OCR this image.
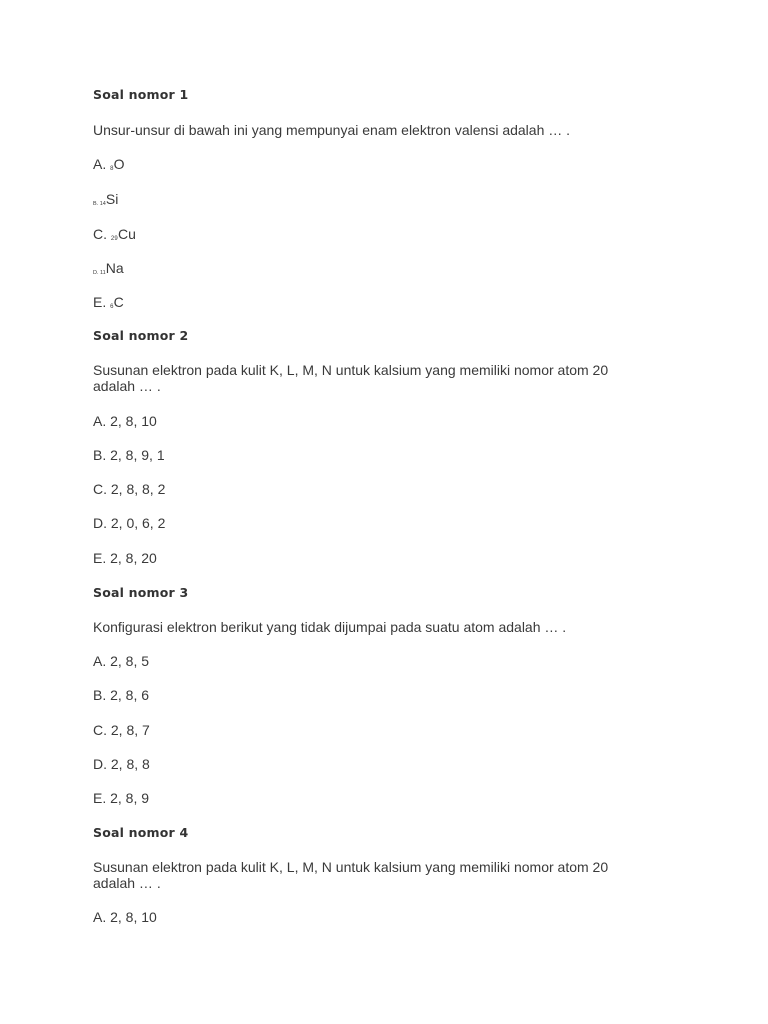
Soal nomor 1
Unsur-unsur di bawah ini yang mempunyai enam elektron valensi adalah … .
A. 8O
B. 14Si
C. 29Cu
D. 11Na
E. 6C
Soal nomor 2
Susunan elektron pada kulit K, L, M, N untuk kalsium yang memiliki nomor atom 20 adalah … .
A. 2, 8, 10
B. 2, 8, 9, 1
C. 2, 8, 8, 2
D. 2, 0, 6, 2
E. 2, 8, 20
Soal nomor 3
Konfigurasi elektron berikut yang tidak dijumpai pada suatu atom adalah … .
A. 2, 8, 5
B. 2, 8, 6
C. 2, 8, 7
D. 2, 8, 8
E. 2, 8, 9
Soal nomor 4
Susunan elektron pada kulit K, L, M, N untuk kalsium yang memiliki nomor atom 20 adalah … .
A. 2, 8, 10
